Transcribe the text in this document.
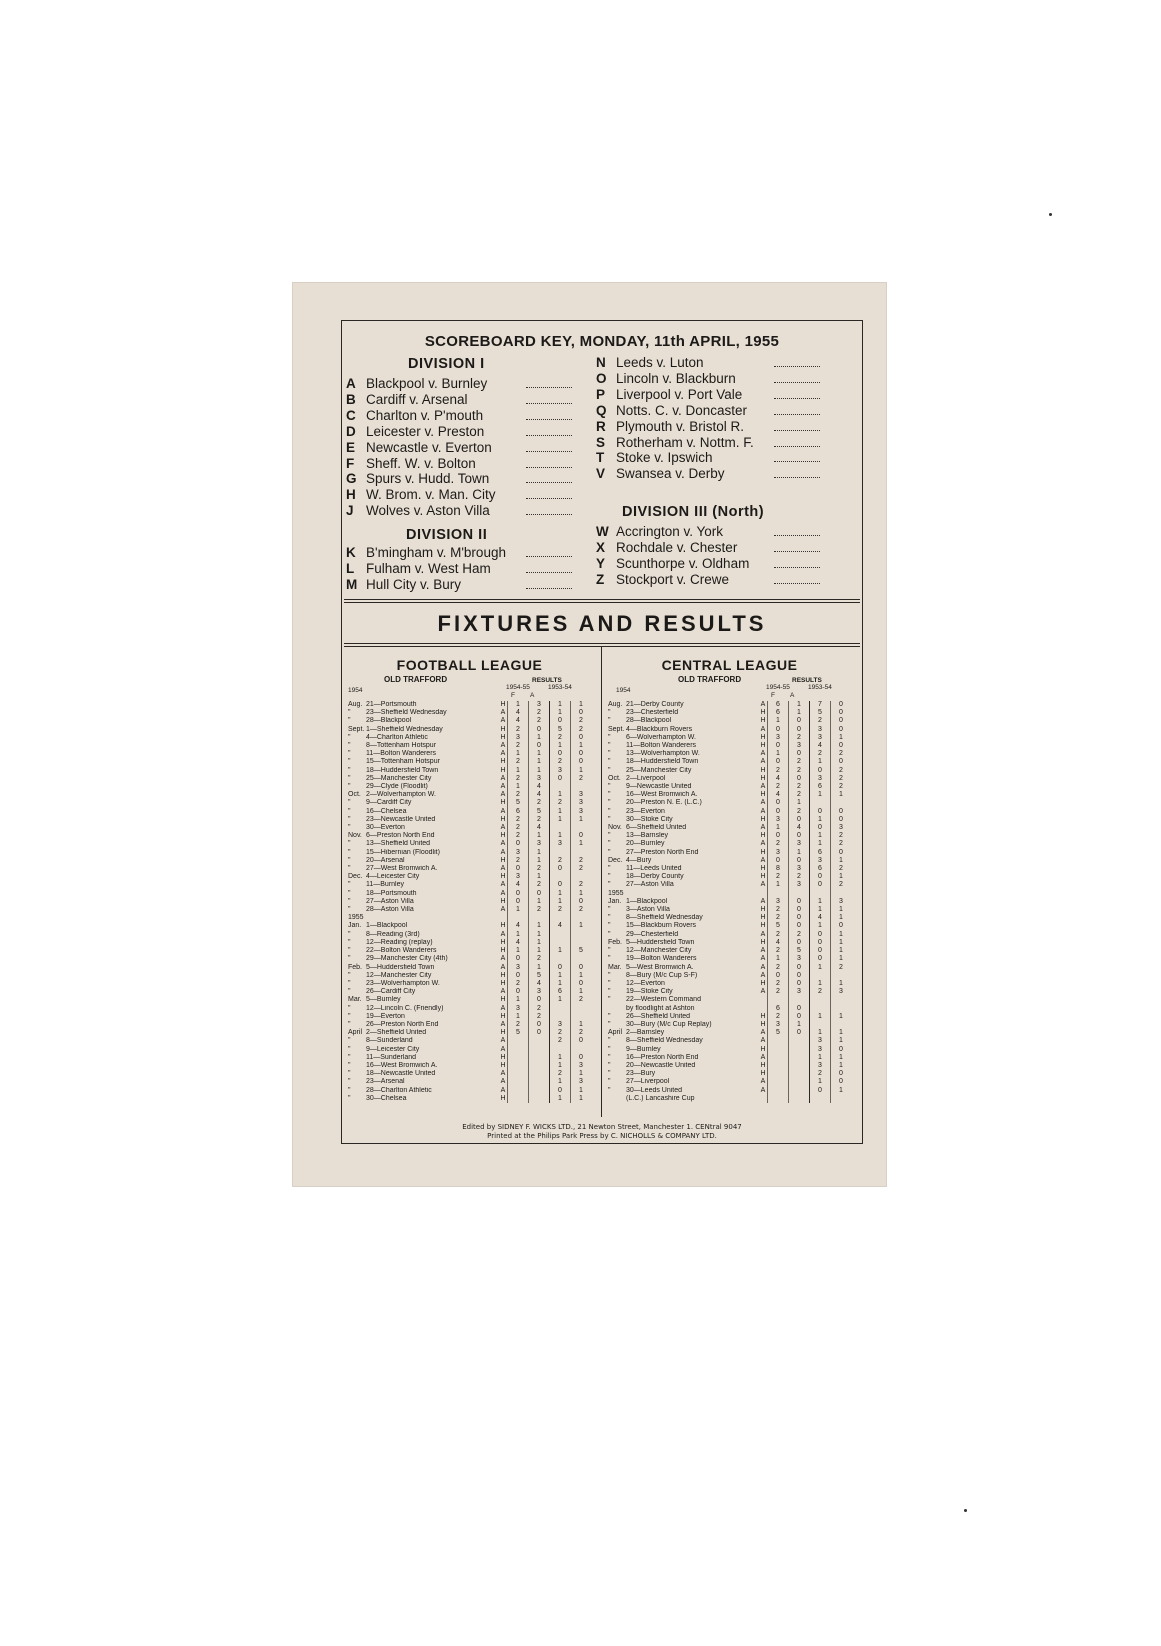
SCOREBOARD KEY, MONDAY, 11th APRIL, 1955
DIVISION I
A Blackpool v. Burnley
B Cardiff v. Arsenal
C Charlton v. P'mouth
D Leicester v. Preston
E Newcastle v. Everton
F Sheff. W. v. Bolton
G Spurs v. Hudd. Town
H W. Brom. v. Man. City
J Wolves v. Aston Villa
DIVISION II
K B'mingham v. M'brough
L Fulham v. West Ham
M Hull City v. Bury
N Leeds v. Luton
O Lincoln v. Blackburn
P Liverpool v. Port Vale
Q Notts. C. v. Doncaster
R Plymouth v. Bristol R.
S Rotherham v. Nottm. F.
T Stoke v. Ipswich
V Swansea v. Derby
DIVISION III (North)
W Accrington v. York
X Rochdale v. Chester
Y Scunthorpe v. Oldham
Z Stockport v. Crewe
FIXTURES AND RESULTS
FOOTBALL LEAGUE
OLD TRAFFORD	RESULTS
1954	1954-55	1953-54
F A
Aug.	21—Portsmouth	H	1	3	1	1
"	23—Sheffield Wednesday	A	4	2	1	0
"	28—Blackpool	A	4	2	0	2
Sept.	1—Sheffield Wednesday	H	2	0	5	2
"	4—Charlton Athletic	H	3	1	2	0
"	8—Tottenham Hotspur	A	2	0	1	1
"	11—Bolton Wanderers	A	1	1	0	0
"	15—Tottenham Hotspur	H	2	1	2	0
"	18—Huddersfield Town	H	1	1	3	1
"	25—Manchester City	A	2	3	0	2
"	29—Clyde (Floodlit)	A	1	4		
Oct.	2—Wolverhampton W.	A	2	4	1	3
"	9—Cardiff City	H	5	2	2	3
"	16—Chelsea	A	6	5	1	3
"	23—Newcastle United	H	2	2	1	1
"	30—Everton	A	2	4		
Nov.	6—Preston North End	H	2	1	1	0
"	13—Sheffield United	A	0	3	3	1
"	15—Hibernian (Floodlit)	A	3	1		
"	20—Arsenal	H	2	1	2	2
"	27—West Bromwich A.	A	0	2	0	2
Dec.	4—Leicester City	H	3	1		
"	11—Burnley	A	4	2	0	2
"	18—Portsmouth	A	0	0	1	1
"	27—Aston Villa	H	0	1	1	0
"	28—Aston Villa	A	1	2	2	2
1955						
Jan.	1—Blackpool	H	4	1	4	1
"	8—Reading (3rd)	A	1	1		
"	12—Reading (replay)	H	4	1		
"	22—Bolton Wanderers	H	1	1	1	5
"	29—Manchester City (4th)	A	0	2		
Feb.	5—Huddersfield Town	A	3	1	0	0
"	12—Manchester City	H	0	5	1	1
"	23—Wolverhampton W.	H	2	4	1	0
"	26—Cardiff City	A	0	3	6	1
Mar.	5—Burnley	H	1	0	1	2
"	12—Lincoln C. (Friendly)	A	3	2		
"	19—Everton	H	1	2		
"	26—Preston North End	A	2	0	3	1
April	2—Sheffield United	H	5	0	2	2
"	8—Sunderland	A			2	0
"	9—Leicester City	A				
"	11—Sunderland	H			1	0
"	16—West Bromwich A.	H			1	3
"	18—Newcastle United	A			2	1
"	23—Arsenal	A			1	3
"	28—Charlton Athletic	A			0	1
"	30—Chelsea	H			1	1
CENTRAL LEAGUE
OLD TRAFFORD	RESULTS
1954	1954-55	1953-54
F A
Aug.	21—Derby County	A	6	1	7	0
"	23—Chesterfield	H	6	1	5	0
"	28—Blackpool	H	1	0	2	0
Sept.	4—Blackburn Rovers	A	0	0	3	0
"	6—Wolverhampton W.	H	3	2	3	1
"	11—Bolton Wanderers	H	0	3	4	0
"	13—Wolverhampton W.	A	1	0	2	2
"	18—Huddersfield Town	A	0	2	1	0
"	25—Manchester City	H	2	2	0	2
Oct.	2—Liverpool	H	4	0	3	2
"	9—Newcastle United	A	2	2	6	2
"	16—West Bromwich A.	H	4	2	1	1
"	20—Preston N. E. (L.C.)	A	0	1		
"	23—Everton	A	0	2	0	0
"	30—Stoke City	H	3	0	1	0
Nov.	6—Sheffield United	A	1	4	0	3
"	13—Barnsley	H	0	0	1	2
"	20—Burnley	A	2	3	1	2
"	27—Preston North End	H	3	1	6	0
Dec.	4—Bury	A	0	0	3	1
"	11—Leeds United	H	8	3	6	2
"	18—Derby County	H	2	2	0	1
"	27—Aston Villa	A	1	3	0	2
1955						
Jan.	1—Blackpool	A	3	0	1	3
"	3—Aston Villa	H	2	0	1	1
"	8—Sheffield Wednesday	H	2	0	4	1
"	15—Blackburn Rovers	H	5	0	1	0
"	29—Chesterfield	A	2	2	0	1
Feb.	5—Huddersfield Town	H	4	0	0	1
"	12—Manchester City	A	2	5	0	1
"	19—Bolton Wanderers	A	1	3	0	1
Mar.	5—West Bromwich A.	A	2	0	1	2
"	8—Bury (M/c Cup S-F)	A	0	0		
"	12—Everton	H	2	0	1	1
"	19—Stoke City	A	2	3	2	3
"	22—Western Command					
	by floodlight at Ashton		6	0		
"	26—Sheffield United	H	2	0	1	1
"	30—Bury (M/c Cup Replay)	H	3	1		
April	2—Barnsley	A	5	0	1	1
"	8—Sheffield Wednesday	A			3	1
"	9—Burnley	H			3	0
"	16—Preston North End	A			1	1
"	20—Newcastle United	H			3	1
"	23—Bury	H			2	0
"	27—Liverpool	A			1	0
"	30—Leeds United	A			0	1
	(L.C.) Lancashire Cup					
Edited by SIDNEY F. WICKS LTD., 21 Newton Street, Manchester 1. CENtral 9047
Printed at the Philips Park Press by C. NICHOLLS & COMPANY LTD.
